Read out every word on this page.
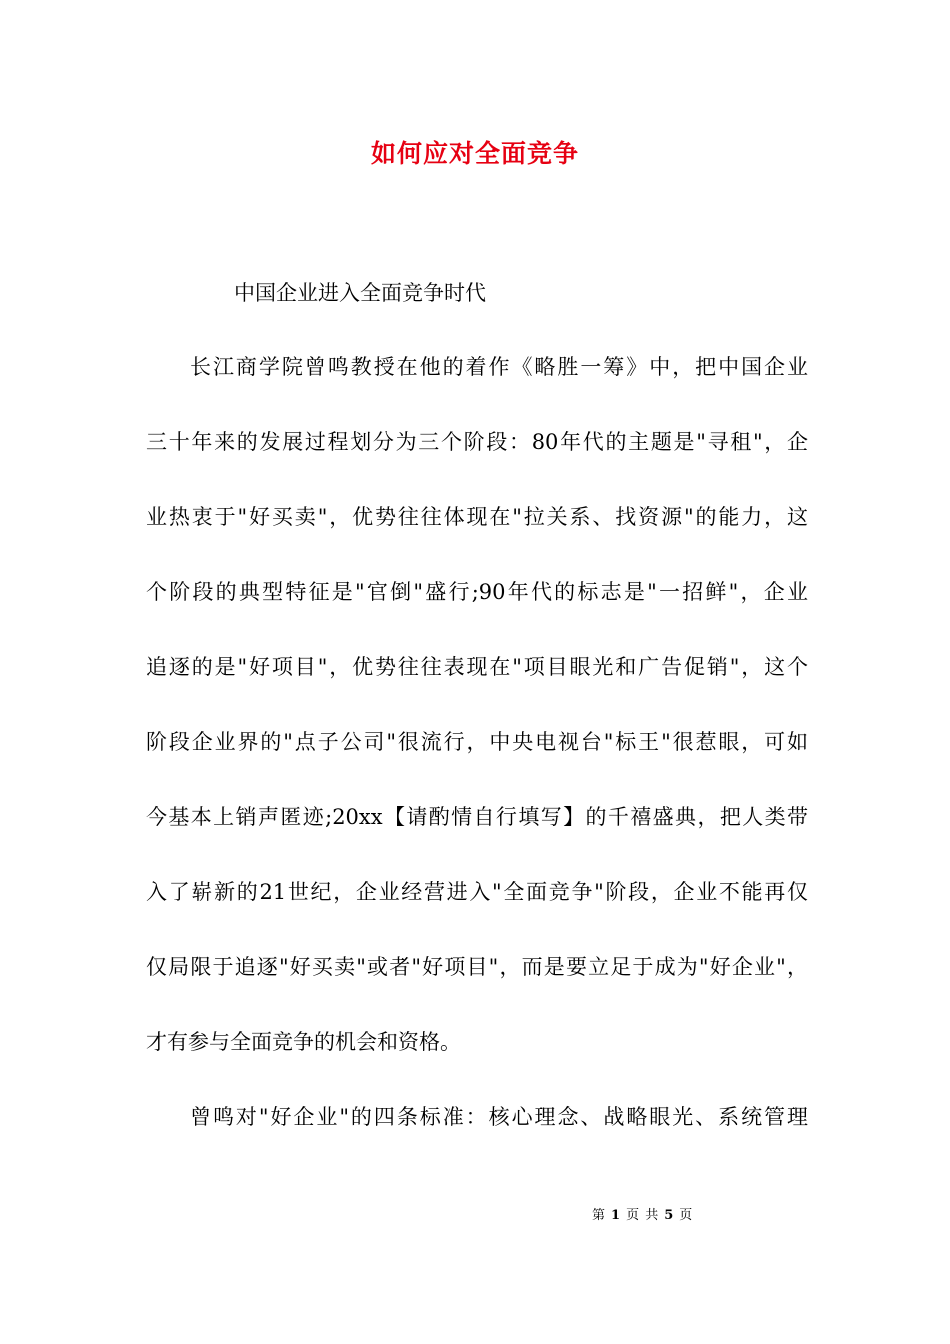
如何应对全面竞争
中国企业进入全面竞争时代
长江商学院曾鸣教授在他的着作《略胜一筹》中，把中国企业
三十年来的发展过程划分为三个阶段：80年代的主题是"寻租"，企
业热衷于"好买卖"，优势往往体现在"拉关系、找资源"的能力，这
个阶段的典型特征是"官倒"盛行;90年代的标志是"一招鲜"，企业
追逐的是"好项目"，优势往往表现在"项目眼光和广告促销"，这个
阶段企业界的"点子公司"很流行，中央电视台"标王"很惹眼，可如
今基本上销声匿迹;20xx【请酌情自行填写】的千禧盛典，把人类带
入了崭新的21世纪，企业经营进入"全面竞争"阶段，企业不能再仅
仅局限于追逐"好买卖"或者"好项目"，而是要立足于成为"好企业"，
才有参与全面竞争的机会和资格。
曾鸣对"好企业"的四条标准：核心理念、战略眼光、系统管理
第 1 页 共 5 页
